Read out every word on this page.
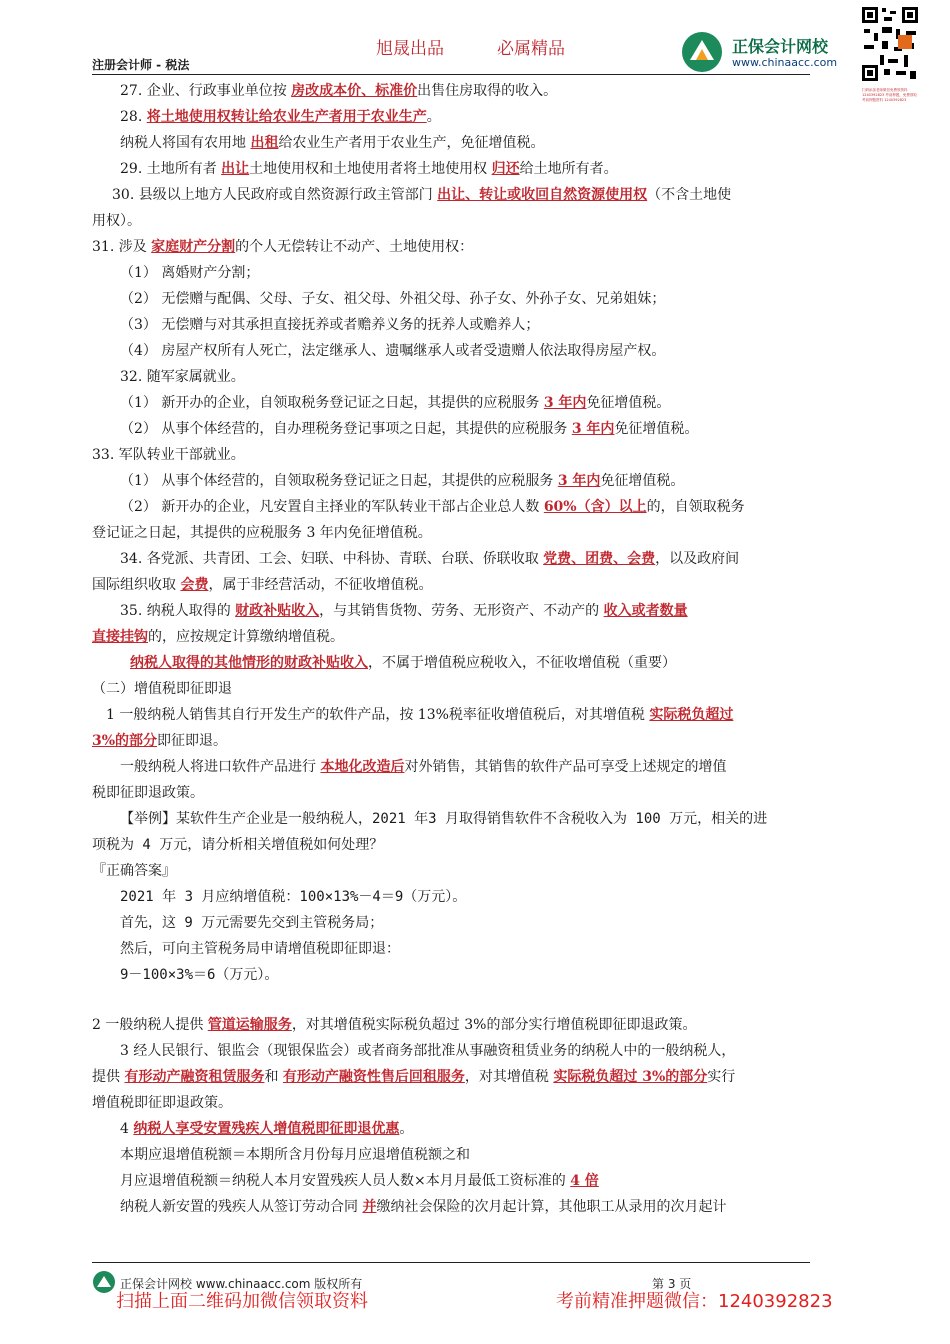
旭晟出品	必属精品
注册会计师 - 税法
正保会计网校
www.chinaacc.com
扫码添加老师微信免费领资料 1240392823 考前押题，免费领取考前押题资料 1240392823

27. 企业、行政事业单位按 房改成本价、标准价出售住房取得的收入。

28. 将土地使用权转让给农业生产者用于农业生产。

纳税人将国有农用地 出租给农业生产者用于农业生产，免征增值税。

29. 土地所有者 出让土地使用权和土地使用者将土地使用权 归还给土地所有者。

30. 县级以上地方人民政府或自然资源行政主管部门 出让、转让或收回自然资源使用权（不含土地使

用权）。

31. 涉及 家庭财产分割的个人无偿转让不动产、土地使用权：

（1） 离婚财产分割；

（2） 无偿赠与配偶、父母、子女、祖父母、外祖父母、孙子女、外孙子女、兄弟姐妹；

（3） 无偿赠与对其承担直接抚养或者赡养义务的抚养人或赡养人；

（4） 房屋产权所有人死亡，法定继承人、遗嘱继承人或者受遗赠人依法取得房屋产权。

32. 随军家属就业。

（1） 新开办的企业，自领取税务登记证之日起，其提供的应税服务 3 年内免征增值税。

（2） 从事个体经营的，自办理税务登记事项之日起，其提供的应税服务 3 年内免征增值税。

33. 军队转业干部就业。

（1） 从事个体经营的，自领取税务登记证之日起，其提供的应税服务 3 年内免征增值税。

（2） 新开办的企业，凡安置自主择业的军队转业干部占企业总人数 60%（含）以上的，自领取税务

登记证之日起，其提供的应税服务 3 年内免征增值税。

34. 各党派、共青团、工会、妇联、中科协、青联、台联、侨联收取 党费、团费、会费，以及政府间

国际组织收取 会费，属于非经营活动，不征收增值税。

35. 纳税人取得的 财政补贴收入，与其销售货物、劳务、无形资产、不动产的 收入或者数量

直接挂钩的，应按规定计算缴纳增值税。

纳税人取得的其他情形的财政补贴收入，不属于增值税应税收入，不征收增值税（重要）

（二）增值税即征即退

1 一般纳税人销售其自行开发生产的软件产品，按 13%税率征收增值税后，对其增值税 实际税负超过

3%的部分即征即退。

一般纳税人将进口软件产品进行 本地化改造后对外销售，其销售的软件产品可享受上述规定的增值

税即征即退政策。

【举例】某软件生产企业是一般纳税人，2021 年3 月取得销售软件不含税收入为 100 万元，相关的进

项税为 4 万元，请分析相关增值税如何处理？

『正确答案』

2021 年 3 月应纳增值税：100×13%－4＝9（万元）。

首先，这 9 万元需要先交到主管税务局；

然后，可向主管税务局申请增值税即征即退：

9－100×3%＝6（万元）。

2 一般纳税人提供 管道运输服务，对其增值税实际税负超过 3%的部分实行增值税即征即退政策。

3 经人民银行、银监会（现银保监会）或者商务部批准从事融资租赁业务的纳税人中的一般纳税人，

提供 有形动产融资租赁服务和 有形动产融资性售后回租服务，对其增值税 实际税负超过 3%的部分实行

增值税即征即退政策。

4 纳税人享受安置残疾人增值税即征即退优惠。

本期应退增值税额＝本期所含月份每月应退增值税额之和

月应退增值税额＝纳税人本月安置残疾人员人数×本月月最低工资标准的 4 倍

纳税人新安置的残疾人从签订劳动合同 并缴纳社会保险的次月起计算，其他职工从录用的次月起计

正保会计网校 www.chinaacc.com 版权所有	第 3 页
扫描上面二维码加微信领取资料	考前精准押题微信：1240392823
